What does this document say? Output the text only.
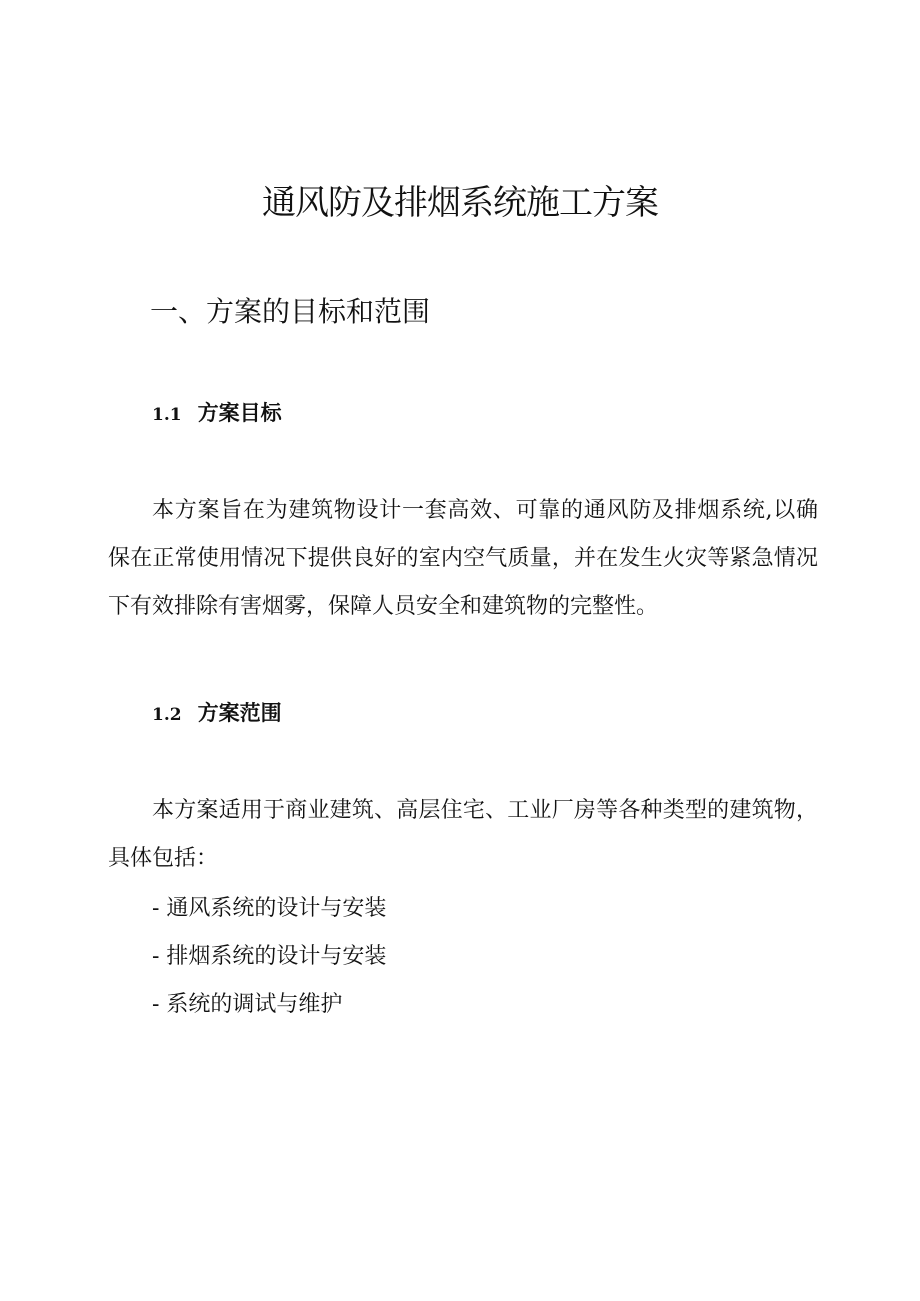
通风防及排烟系统施工方案
一、方案的目标和范围
1.1 方案目标

本方案旨在为建筑物设计一套高效、可靠的通风防及排烟系统,以确保在正常使用情况下提供良好的室内空气质量，并在发生火灾等紧急情况下有效排除有害烟雾，保障人员安全和建筑物的完整性。

1.2 方案范围

本方案适用于商业建筑、高层住宅、工业厂房等各种类型的建筑物，具体包括：

- 通风系统的设计与安装
- 排烟系统的设计与安装
- 系统的调试与维护
